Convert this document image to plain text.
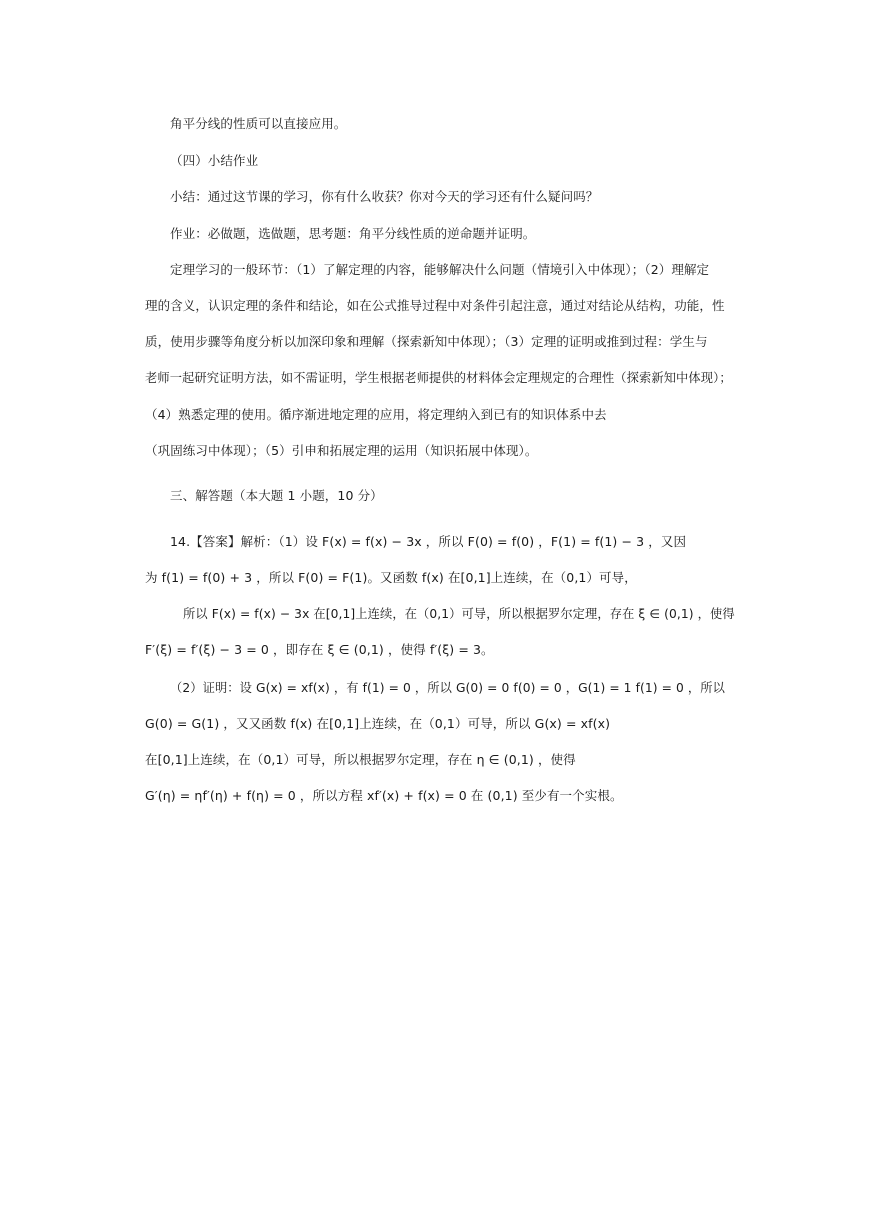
角平分线的性质可以直接应用。
（四）小结作业
小结：通过这节课的学习，你有什么收获？你对今天的学习还有什么疑问吗？
作业：必做题，选做题，思考题：角平分线性质的逆命题并证明。
定理学习的一般环节：（1）了解定理的内容，能够解决什么问题（情境引入中体现）；（2）理解定
理的含义，认识定理的条件和结论，如在公式推导过程中对条件引起注意，通过对结论从结构，功能，性
质，使用步骤等角度分析以加深印象和理解（探索新知中体现）；（3）定理的证明或推到过程：学生与
老师一起研究证明方法，如不需证明，学生根据老师提供的材料体会定理规定的合理性（探索新知中体现）；
（4）熟悉定理的使用。循序渐进地定理的应用，将定理纳入到已有的知识体系中去
（巩固练习中体现）；（5）引申和拓展定理的运用（知识拓展中体现）。
三、解答题（本大题 1 小题，10 分）
14.【答案】解析：（1）设 F(x) = f(x) − 3x ，所以 F(0) = f(0) ，F(1) = f(1) − 3 ，又因
为 f(1) = f(0) + 3 ，所以 F(0) = F(1)。又函数 f(x) 在[0,1]上连续，在（0,1）可导，
所以 F(x) = f(x) − 3x 在[0,1]上连续，在（0,1）可导，所以根据罗尔定理，存在 ξ ∈ (0,1) ，使得
F′(ξ) = f′(ξ) − 3 = 0 ，即存在 ξ ∈ (0,1) ，使得 f′(ξ) = 3。
（2）证明：设 G(x) = xf(x) ，有 f(1) = 0 ，所以 G(0) = 0 f(0) = 0 ，G(1) = 1 f(1) = 0 ，所以
G(0) = G(1) ，又又函数 f(x) 在[0,1]上连续，在（0,1）可导，所以 G(x) = xf(x)
在[0,1]上连续，在（0,1）可导，所以根据罗尔定理，存在 η ∈ (0,1) ，使得
G′(η) = ηf′(η) + f(η) = 0 ，所以方程 xf′(x) + f(x) = 0 在 (0,1) 至少有一个实根。
